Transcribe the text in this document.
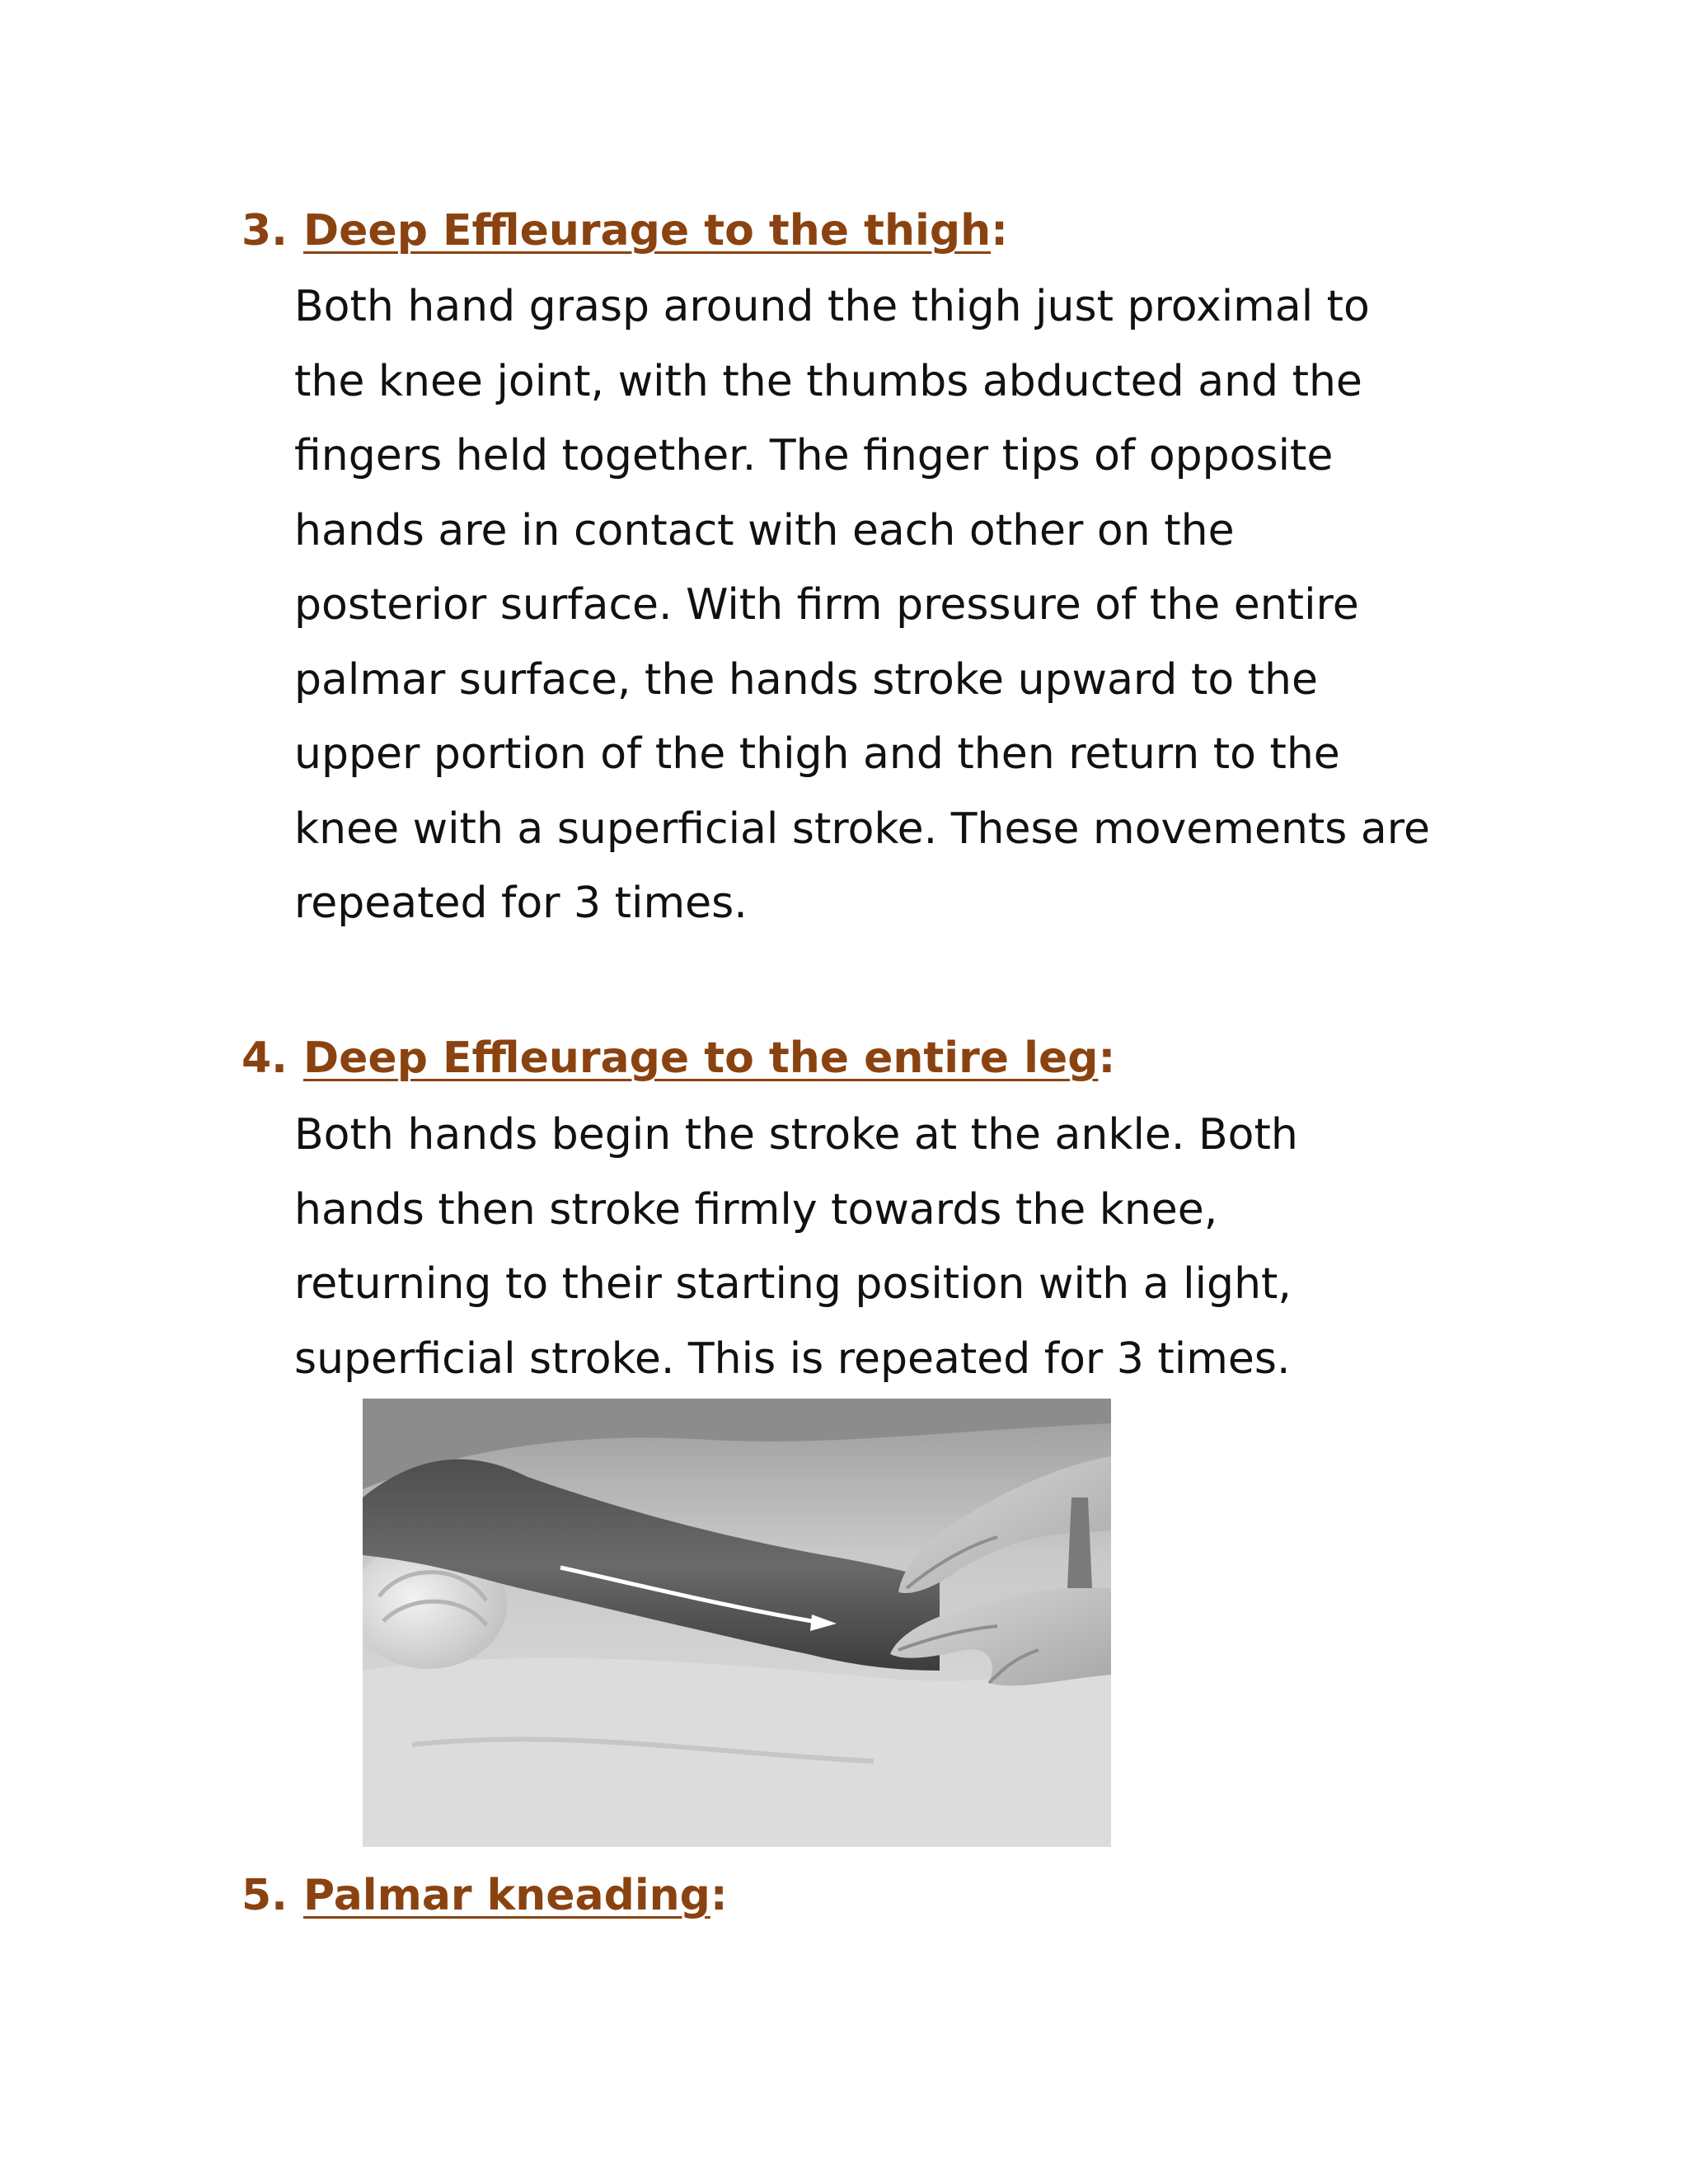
3. Deep Effleurage to the thigh:

Both hand grasp around the thigh just proximal to
the knee joint, with the thumbs abducted and the
fingers held together. The finger tips of opposite
hands are in contact with each other on the
posterior surface. With firm pressure of the entire
palmar surface, the hands stroke upward to the
upper portion of the thigh and then return to the
knee with a superficial stroke. These movements are
repeated for 3 times.

4. Deep Effleurage to the entire leg:

Both hands begin the stroke at the ankle. Both
hands then stroke firmly towards the knee,
returning to their starting position with a light,
superficial stroke. This is repeated for 3 times.

5. Palmar kneading:
